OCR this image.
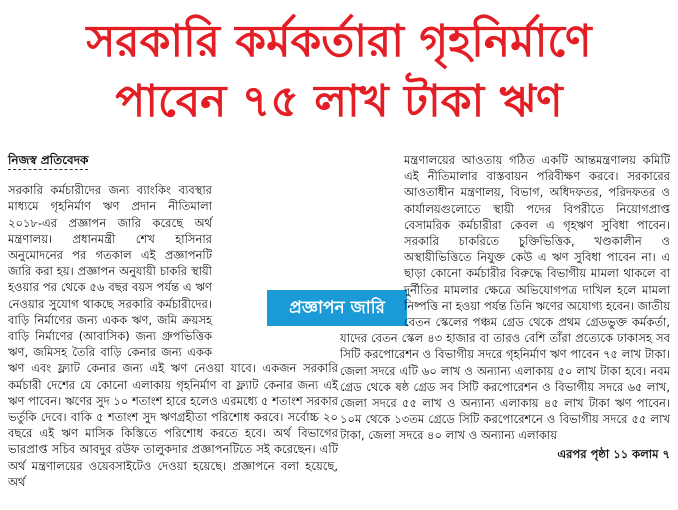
সরকারি কর্মকর্তারা গৃহনির্মাণে
পাবেন ৭৫ লাখ টাকা ঋণ
নিজস্ব প্রতিবেদক

সরকারি কর্মচারীদের জন্য ব্যাংকিং ব্যবস্থার মাধ্যমে গৃহনির্মাণ ঋণ প্রদান নীতিমালা ২০১৮-এর প্রজ্ঞাপন জারি করেছে অর্থ মন্ত্রণালয়। প্রধানমন্ত্রী শেখ হাসিনার অনুমোদনের পর গতকাল এই প্রজ্ঞাপনটি জারি করা হয়। প্রজ্ঞাপন অনুযায়ী চাকরি স্থায়ী হওয়ার পর থেকে ৫৬ বছর বয়স পর্যন্ত এ ঋণ নেওয়ার সুযোগ থাকছে সরকারি কর্মচারীদের। বাড়ি নির্মাণের জন্য একক ঋণ, জমি ক্রয়সহ বাড়ি নির্মাণের (আবাসিক) জন্য গ্রুপভিত্তিক ঋণ, জমিসহ তৈরি বাড়ি কেনার জন্য একক ঋণ এবং ফ্ল্যাট কেনার জন্য এই ঋণ নেওয়া যাবে। একজন সরকারি কর্মচারী দেশের যে কোনো এলাকায় গৃহনির্মাণ বা ফ্ল্যাট কেনার জন্য এই ঋণ পাবেন। ঋণের সুদ ১০ শতাংশ হারে হলেও এরমধ্যে ৫ শতাংশ সরকার ভর্তুকি দেবে। বাকি ৫ শতাংশ সুদ ঋণগ্রহীতা পরিশোধ করবে। সর্বোচ্চ ২০ বছরে এই ঋণ মাসিক কিস্তিতে পরিশোধ করতে হবে। অর্থ বিভাগের ভারপ্রাপ্ত সচিব আবদুর রউফ তালুকদার প্রজ্ঞাপনটিতে সই করেছেন। এটি অর্থ মন্ত্রণালয়ের ওয়েবসাইটেও দেওয়া হয়েছে। প্রজ্ঞাপনে বলা হয়েছে, অর্থ

প্রজ্ঞাপন জারি

মন্ত্রণালয়ের আওতায় গঠিত একটি আন্তমন্ত্রণালয় কমিটি এই নীতিমালার বাস্তবায়ন পরিবীক্ষণ করবে। সরকারের আওতাধীন মন্ত্রণালয়, বিভাগ, অধিদফতর, পরিদফতর ও কার্যালয়গুলোতে স্থায়ী পদের বিপরীতে নিয়োগপ্রাপ্ত বেসামরিক কর্মচারীরা কেবল এ গৃহঋণ সুবিধা পাবেন। সরকারি চাকরিতে চুক্তিভিত্তিক, খণ্ডকালীন ও অস্থায়ীভিত্তিতে নিযুক্ত কেউ এ ঋণ সুবিধা পাবেন না। এ ছাড়া কোনো কর্মচারীর বিরুদ্ধে বিভাগীয় মামলা থাকলে বা দুর্নীতির মামলার ক্ষেত্রে অভিযোগপত্র দাখিল হলে মামলা নিষ্পত্তি না হওয়া পর্যন্ত তিনি ঋণের অযোগ্য হবেন। জাতীয় বেতন স্কেলের পঞ্চম গ্রেড থেকে প্রথম গ্রেডভুক্ত কর্মকর্তা, যাদের বেতন স্কেল ৪৩ হাজার বা তারও বেশি তাঁরা প্রত্যেকে ঢাকাসহ সব সিটি করপোরেশন ও বিভাগীয় সদরে গৃহনির্মাণ ঋণ পাবেন ৭৫ লাখ টাকা। জেলা সদরে এটি ৬০ লাখ ও অন্যান্য এলাকায় ৫০ লাখ টাকা হবে। নবম গ্রেড থেকে ষষ্ঠ গ্রেড সব সিটি করপোরেশন ও বিভাগীয় সদরে ৬৫ লাখ, জেলা সদরে ৫৫ লাখ ও অন্যান্য এলাকায় ৪৫ লাখ টাকা ঋণ পাবেন। ১০ম থেকে ১৩তম গ্রেডে সিটি করপোরেশনে ও বিভাগীয় সদরে ৫৫ লাখ টাকা, জেলা সদরে ৪০ লাখ ও অন্যান্য এলাকায়

এরপর পৃষ্ঠা ১১ কলাম ৭
